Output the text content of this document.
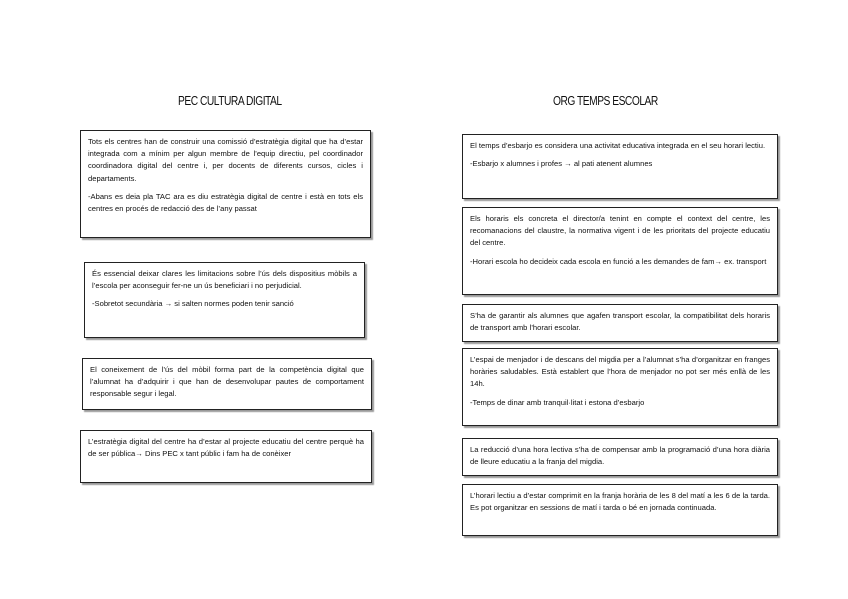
PEC CULTURA DIGITAL	ORG TEMPS ESCOLAR

Tots els centres han de construir una comissió d’estratègia digital que ha d’estar integrada com a mínim per algun membre de l’equip directiu, pel coordinador coordinadora digital del centre i, per docents de diferents cursos, cicles i departaments.

-Abans es deia pla TAC ara es diu estratègia digital de centre i està en tots els centres en procés de redacció des de l’any passat

És essencial deixar clares les limitacions sobre l’ús dels dispositius mòbils a l’escola per aconseguir fer-ne un ús beneficiari i no perjudicial.

-Sobretot secundària → si salten normes poden tenir sanció

El coneixement de l’ús del mòbil forma part de la competència digital que l’alumnat ha d’adquirir i que han de desenvolupar pautes de comportament responsable segur i legal.

L’estratègia digital del centre ha d’estar al projecte educatiu del centre perquè ha de ser pública→ Dins PEC x tant públic i fam ha de conèixer

El temps d’esbarjo es considera una activitat educativa integrada en el seu horari lectiu.

-Esbarjo x alumnes i profes → al pati atenent alumnes

Els horaris els concreta el director/a tenint en compte el context del centre, les recomanacions del claustre, la normativa vigent i de les prioritats del projecte educatiu del centre.

-Horari escola ho decideix cada escola en funció a les demandes de fam→ ex. transport

S’ha de garantir als alumnes que agafen transport escolar, la compatibilitat dels horaris de transport amb l’horari escolar.

L’espai de menjador i de descans del migdia per a l’alumnat s’ha d’organitzar en franges horàries saludables. Està establert que l’hora de menjador no pot ser més enllà de les 14h.

-Temps de dinar amb tranquil·litat i estona d’esbarjo

La reducció d’una hora lectiva s’ha de compensar amb la programació d’una hora diària de lleure educatiu a la franja del migdia.

L’horari lectiu a d’estar comprimit en la franja horària de les 8 del matí a les 6 de la tarda. Es pot organitzar en sessions de matí i tarda o bé en jornada continuada.
